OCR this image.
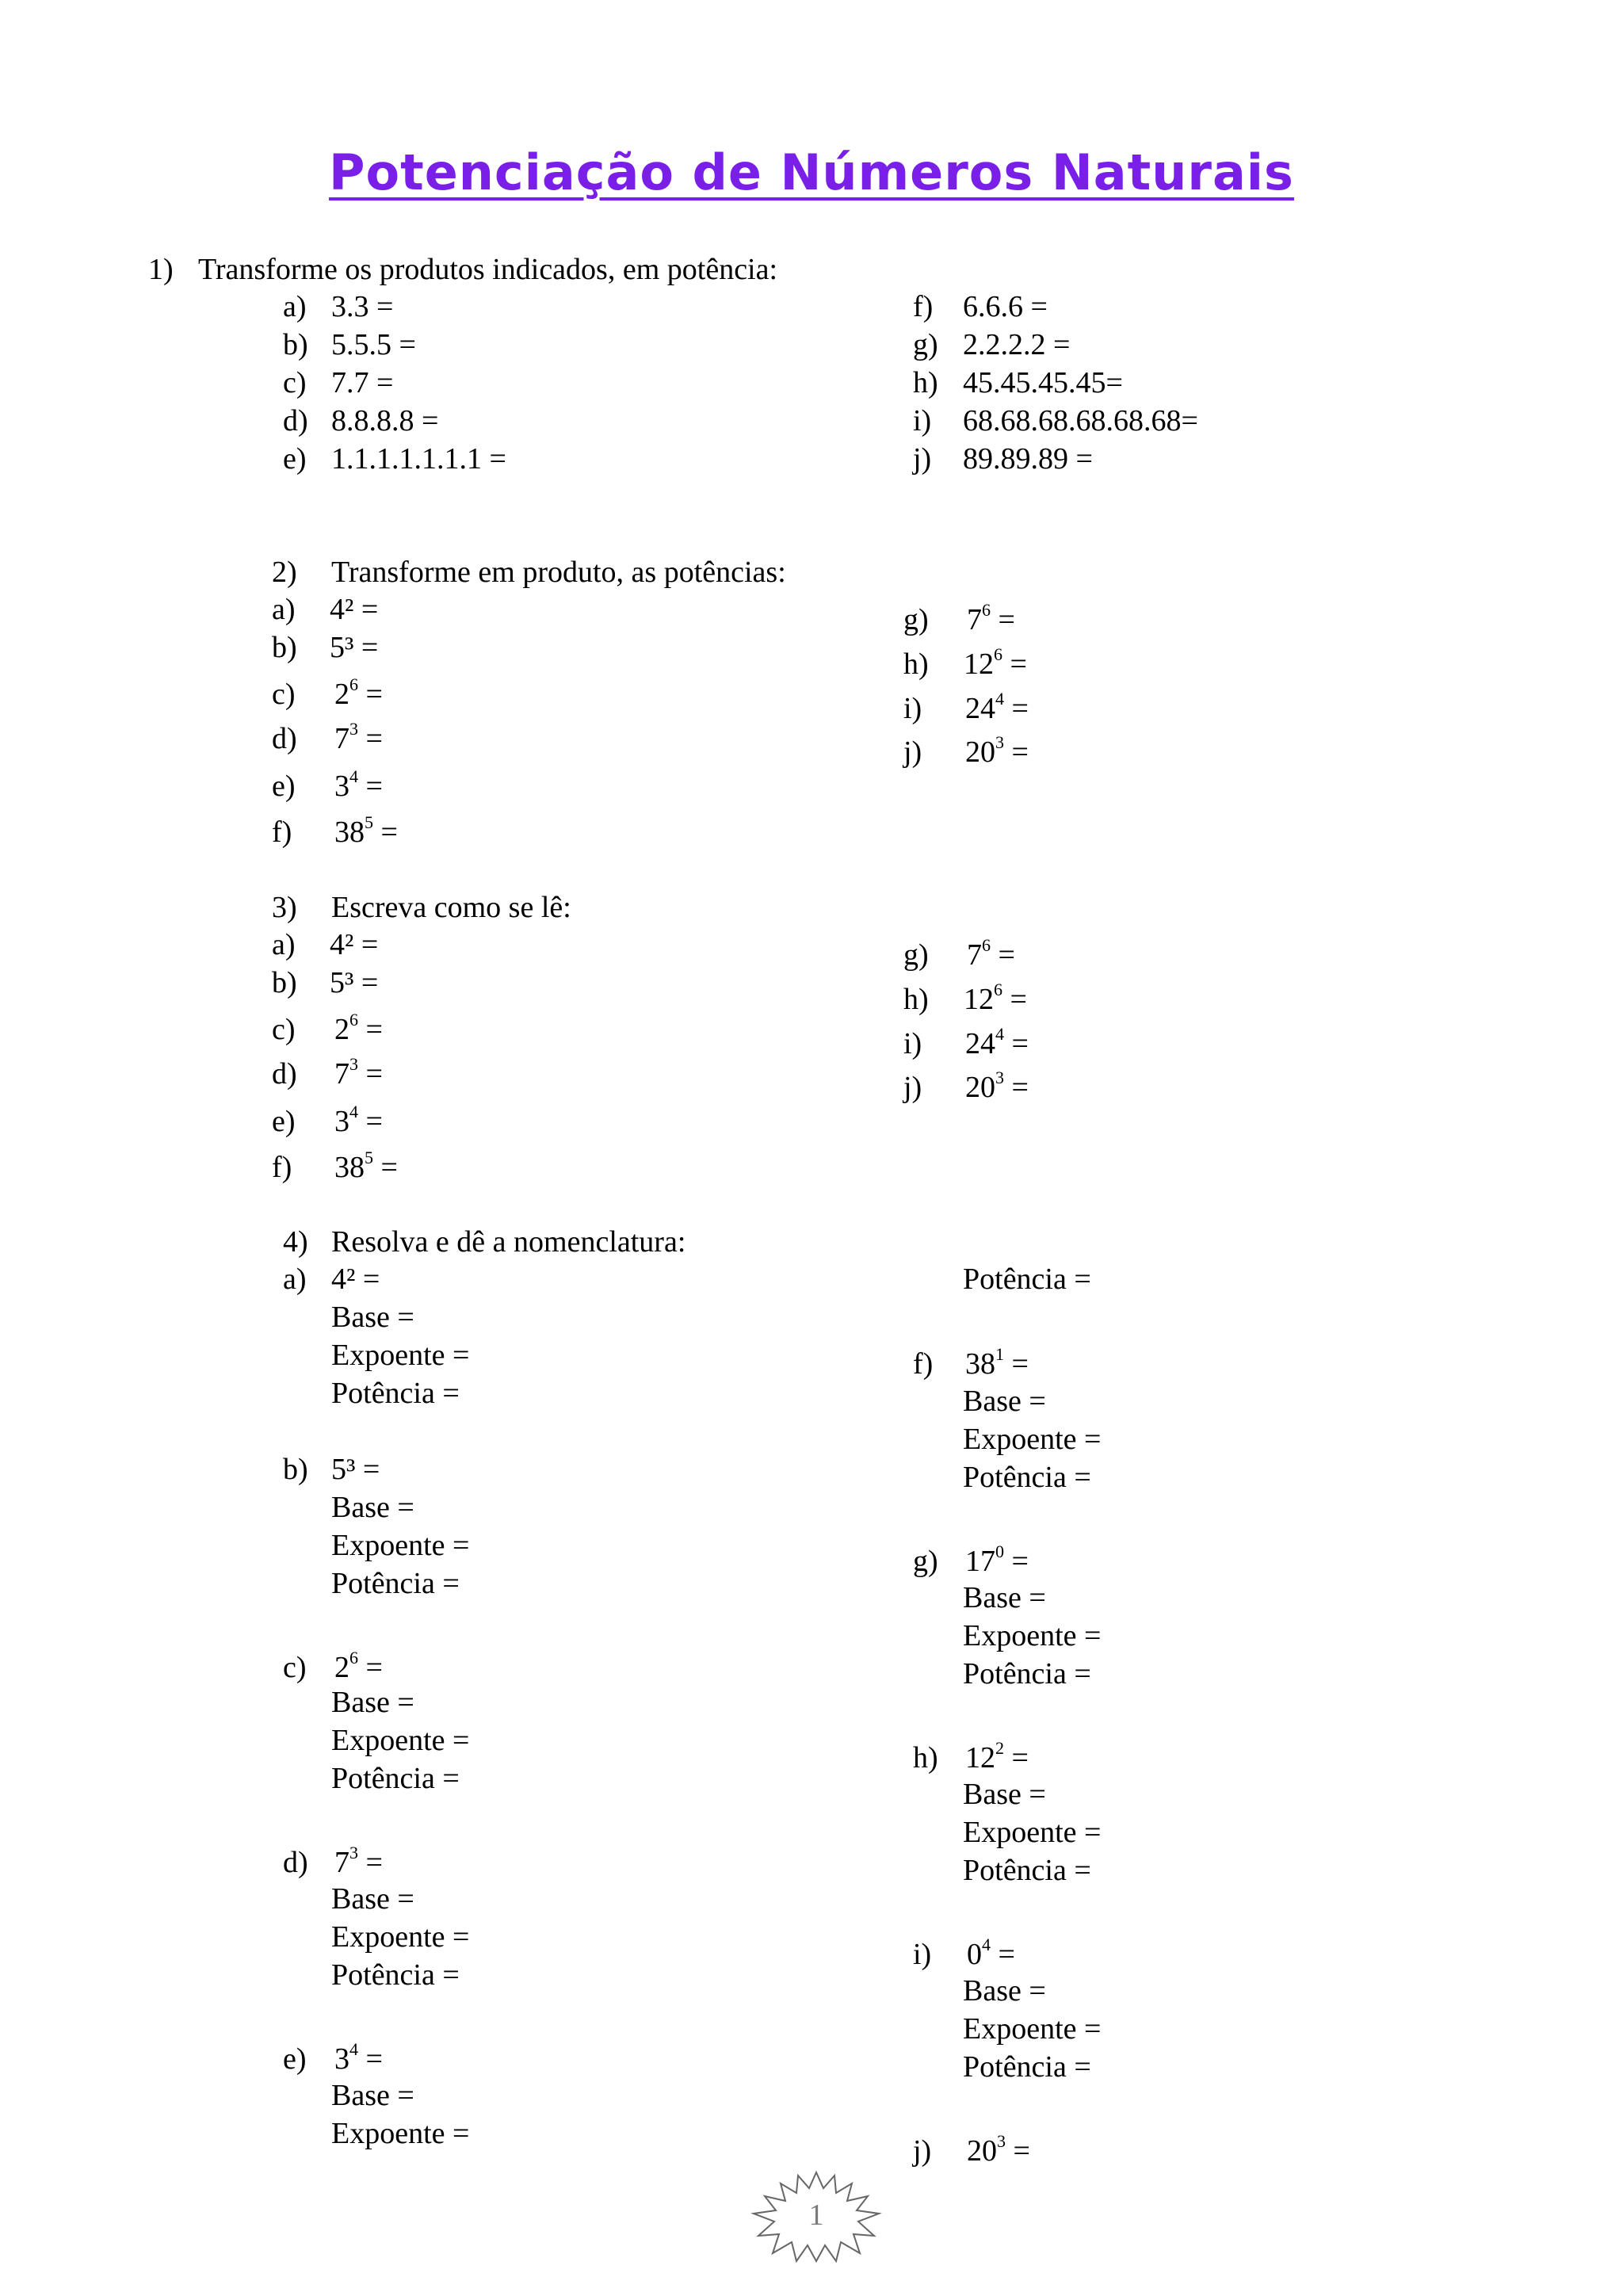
Potenciação de Números Naturais
1) Transforme os produtos indicados, em potência:
a) 3.3 =
b) 5.5.5 =
c) 7.7 =
d) 8.8.8.8 =
e) 1.1.1.1.1.1.1 =
f) 6.6.6 =
g) 2.2.2.2 =
h) 45.45.45.45=
i) 68.68.68.68.68.68=
j) 89.89.89 =
2) Transforme em produto, as potências:
a) 4² =
b) 5³ =
c) $2^6$ =
d) $7^3$ =
e) $3^4$ =
f) $38^5$ =
g) $7^6$ =
h) $12^6$ =
i) $24^4$ =
j) $20^3$ =
3) Escreva como se lê:
a) 4² =
b) 5³ =
c) $2^6$ =
d) $7^3$ =
e) $3^4$ =
f) $38^5$ =
g) $7^6$ =
h) $12^6$ =
i) $24^4$ =
j) $20^3$ =
4) Resolva e dê a nomenclatura:
a) 4² =
Base =
Expoente =
Potência =
b) 5³ =
Base =
Expoente =
Potência =
c) $2^6$ =
Base =
Expoente =
Potência =
d) $7^3$ =
Base =
Expoente =
Potência =
e) $3^4$ =
Base =
Expoente =
Potência =
f) $38^1$ =
Base =
Expoente =
Potência =
g) $17^0$ =
Base =
Expoente =
Potência =
h) $12^2$ =
Base =
Expoente =
Potência =
i) $0^4$ =
Base =
Expoente =
Potência =
j) $20^3$ =
1
